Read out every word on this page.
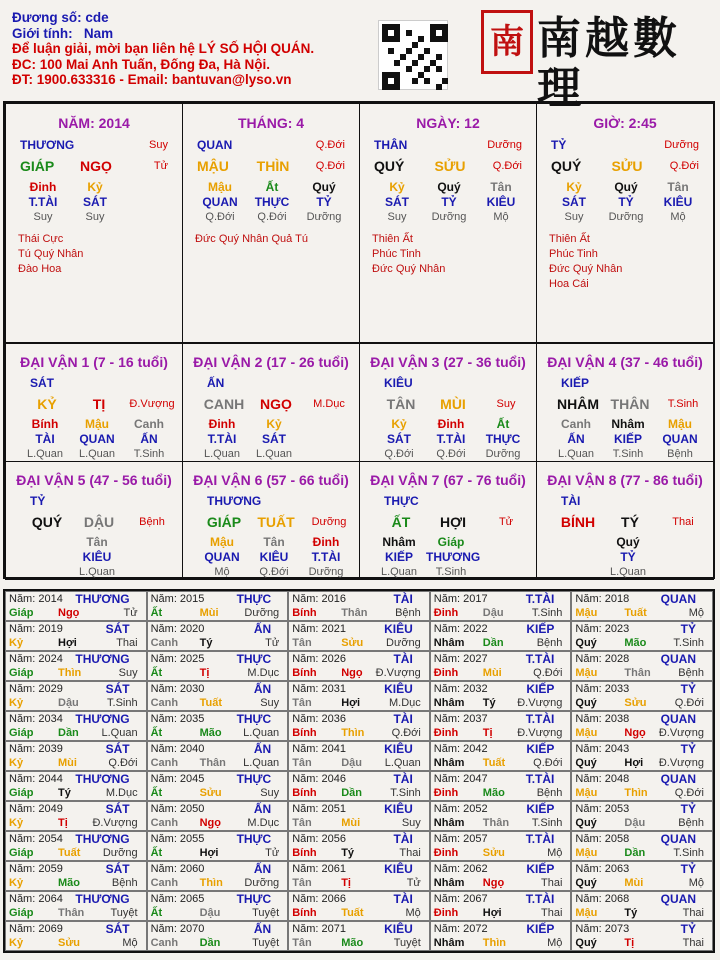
Đương số: cde
Giới tính: Nam
Để luận giải, mời bạn liên hệ LÝ SỐ HỘI QUÁN.
ĐC: 100 Mai Anh Tuấn, Đống Đa, Hà Nội.
ĐT: 1900.633316 - Email: bantuvan@lyso.vn
南 南越數理
NĂM: 2014
THƯƠNG	Suy
GIÁP	NGỌ	Tử
Đinh
T.TÀI
Suy
Kỷ
SÁT
Suy
Thái Cực
Tú Quý Nhân
Đào Hoa
THÁNG: 4
QUAN	Q.Đới
MẬU	THÌN	Q.Đới
Mậu
QUAN
Q.Đới
Ất
THỰC
Q.Đới
Quý
TỶ
Dưỡng
Đức Quý Nhân Quả Tú
NGÀY: 12
THÂN	Dưỡng
QUÝ	SỬU	Q.Đới
Kỷ
SÁT
Suy
Quý
TỶ
Dưỡng
Tân
KIÊU
Mộ
Thiên Ất
Phúc Tinh
Đức Quý Nhân
GIỜ: 2:45
TỶ	Dưỡng
QUÝ	SỬU	Q.Đới
Kỷ
SÁT
Suy
Quý
TỶ
Dưỡng
Tân
KIÊU
Mộ
Thiên Ất
Phúc Tinh
Đức Quý Nhân
Hoa Cái
ĐẠI VẬN 1 (7 - 16 tuổi)
SÁT
KỶ	TỊ	Đ.Vượng
Bính
TÀI
L.Quan
Mậu
QUAN
L.Quan
Canh
ẤN
T.Sinh
ĐẠI VẬN 2 (17 - 26 tuổi)
ẤN
CANH	NGỌ	M.Dục
Đinh
T.TÀI
L.Quan
Kỷ
SÁT
L.Quan
ĐẠI VẬN 3 (27 - 36 tuổi)
KIÊU
TÂN	MÙI	Suy
Kỷ
SÁT
Q.Đới
Đinh
T.TÀI
Q.Đới
Ất
THỰC
Dưỡng
ĐẠI VẬN 4 (37 - 46 tuổi)
KIẾP
NHÂM THÂN	T.Sinh
Canh
ẤN
L.Quan
Nhâm
KIẾP
T.Sinh
Mậu
QUAN
Bệnh
ĐẠI VẬN 5 (47 - 56 tuổi)
TỶ
QUÝ	DẬU	Bệnh
Tân
KIÊU
L.Quan
ĐẠI VẬN 6 (57 - 66 tuổi)
THƯƠNG
GIÁP	TUẤT	Dưỡng
Mậu
QUAN
Mộ
Tân
KIÊU
Q.Đới
Đinh
T.TÀI
Dưỡng
ĐẠI VẬN 7 (67 - 76 tuổi)
THỰC
ẤT	HỢI	Tử
Nhâm
KIẾP
L.Quan
Giáp
THƯƠNG
T.Sinh
ĐẠI VẬN 8 (77 - 86 tuổi)
TÀI
BÍNH	TÝ	Thai
Quý
TỶ
L.Quan
Năm: 2014 THƯƠNG
Giáp Ngọ	Tử
Năm: 2015	THỰC
Ất	Mùi Dưỡng
Năm: 2016	TÀI
Bính Thân	Bệnh
Năm: 2017	T.TÀI
Đinh Dậu	T.Sinh
Năm: 2018	QUAN
Mậu Tuất	Mộ
Năm: 2019	SÁT
Kỷ	Hợi	Thai
Năm: 2020	ẤN
Canh Tý	Tử
Năm: 2021	KIÊU
Tân	Sửu Dưỡng
Năm: 2022	KIẾP
Nhâm Dần	Bệnh
Năm: 2023	TỶ
Quý	Mão T.Sinh
Năm: 2024 THƯƠNG
Giáp Thìn	Suy
Năm: 2025	THỰC
Ất	Tị	M.Dục
Năm: 2026	TÀI
Bính Ngọ Đ.Vượng
Năm: 2027	T.TÀI
Đinh Mùi	Q.Đới
Năm: 2028	QUAN
Mậu Thân	Bệnh
Năm: 2029	SÁT
Kỷ	Dậu	T.Sinh
Năm: 2030	ẤN
Canh Tuất	Suy
Năm: 2031	KIÊU
Tân	Hợi	M.Dục
Năm: 2032	KIẾP
Nhâm Tý Đ.Vượng
Năm: 2033	TỶ
Quý	Sửu	Q.Đới
Năm: 2034 THƯƠNG
Giáp Dần L.Quan
Năm: 2035	THỰC
Ất	Mão L.Quan
Năm: 2036	TÀI
Bính Thìn Q.Đới
Năm: 2037	T.TÀI
Đinh Tị Đ.Vượng
Năm: 2038	QUAN
Mậu Ngọ Đ.Vượng
Năm: 2039	SÁT
Kỷ	Mùi	Q.Đới
Năm: 2040	ẤN
Canh Thân L.Quan
Năm: 2041	KIÊU
Tân	Dậu L.Quan
Năm: 2042	KIẾP
Nhâm Tuất	Q.Đới
Năm: 2043	TỶ
Quý	Hợi Đ.Vượng
Năm: 2044 THƯƠNG
Giáp Tý	M.Dục
Năm: 2045	THỰC
Ất	Sửu	Suy
Năm: 2046	TÀI
Bính Dần	T.Sinh
Năm: 2047	T.TÀI
Đinh Mão	Bệnh
Năm: 2048	QUAN
Mậu Thìn Q.Đới
Năm: 2049	SÁT
Kỷ	Tị Đ.Vượng
Năm: 2050	ẤN
Canh Ngọ M.Dục
Năm: 2051	KIÊU
Tân	Mùi	Suy
Năm: 2052	KIẾP
Nhâm Thân T.Sinh
Năm: 2053	TỶ
Quý	Dậu	Bệnh
Năm: 2054 THƯƠNG
Giáp Tuất Dưỡng
Năm: 2055	THỰC
Ất	Hợi	Tử
Năm: 2056	TÀI
Bính Tý	Thai
Năm: 2057	T.TÀI
Đinh Sửu	Mộ
Năm: 2058	QUAN
Mậu Dần	T.Sinh
Năm: 2059	SÁT
Kỷ	Mão	Bệnh
Năm: 2060	ẤN
Canh Thìn Dưỡng
Năm: 2061	KIÊU
Tân	Tị	Tử
Năm: 2062	KIẾP
Nhâm Ngọ	Thai
Năm: 2063	TỶ
Quý	Mùi	Mộ
Năm: 2064 THƯƠNG
Giáp Thân Tuyệt
Năm: 2065	THỰC
Ất	Dậu	Tuyệt
Năm: 2066	TÀI
Bính Tuất	Mộ
Năm: 2067	T.TÀI
Đinh Hợi	Thai
Năm: 2068	QUAN
Mậu Tý	Thai
Năm: 2069	SÁT
Kỷ	Sửu	Mộ
Năm: 2070	ẤN
Canh Dần	Tuyệt
Năm: 2071	KIÊU
Tân	Mão	Tuyệt
Năm: 2072	KIẾP
Nhâm Thìn	Mộ
Năm: 2073	TỶ
Quý	Tị	Thai
